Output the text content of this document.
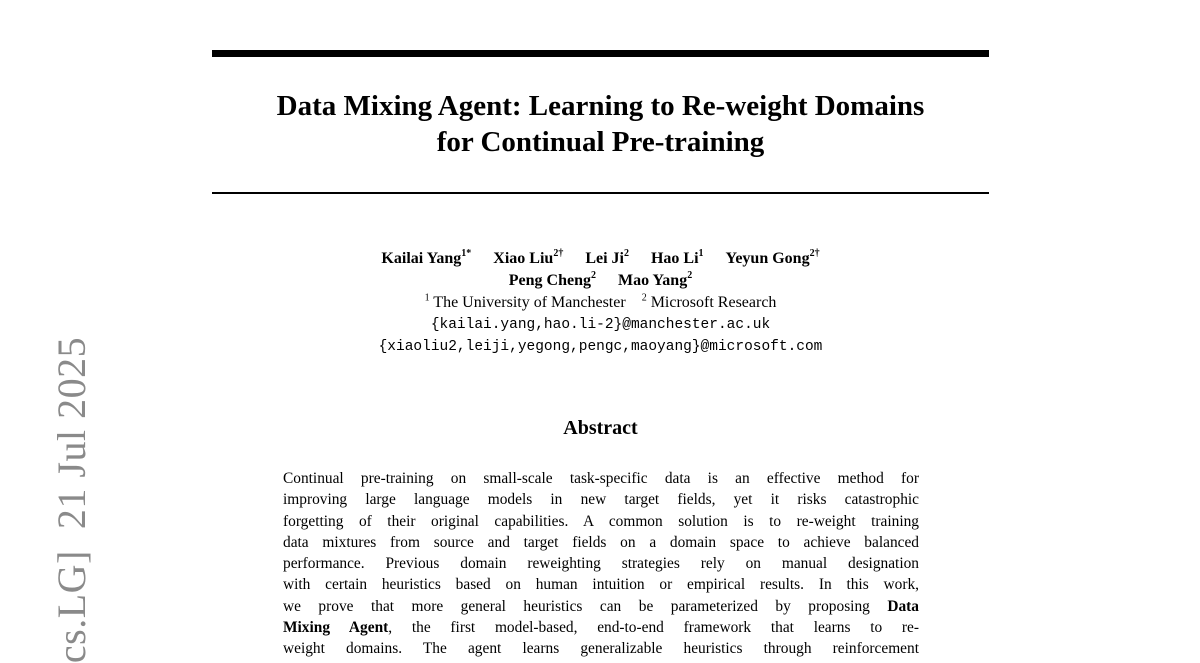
cs.LG]  21 Jul 2025
Data Mixing Agent: Learning to Re-weight Domains
for Continual Pre-training
Kailai Yang$^{1*}$ Xiao Liu$^{2\dagger}$ Lei Ji$^2$ Hao Li$^1$ Yeyun Gong$^{2\dagger}$
Peng Cheng$^2$ Mao Yang$^2$
$^1$ The University of Manchester $^2$ Microsoft Research
{kailai.yang,hao.li-2}@manchester.ac.uk
{xiaoliu2,leiji,yegong,pengc,maoyang}@microsoft.com
Abstract
Continual pre-training on small-scale task-specific data is an effective method for
improving large language models in new target fields, yet it risks catastrophic
forgetting of their original capabilities. A common solution is to re-weight training
data mixtures from source and target fields on a domain space to achieve balanced
performance. Previous domain reweighting strategies rely on manual designation
with certain heuristics based on human intuition or empirical results. In this work,
we prove that more general heuristics can be parameterized by proposing Data
Mixing Agent, the first model-based, end-to-end framework that learns to re-
weight domains. The agent learns generalizable heuristics through reinforcement
